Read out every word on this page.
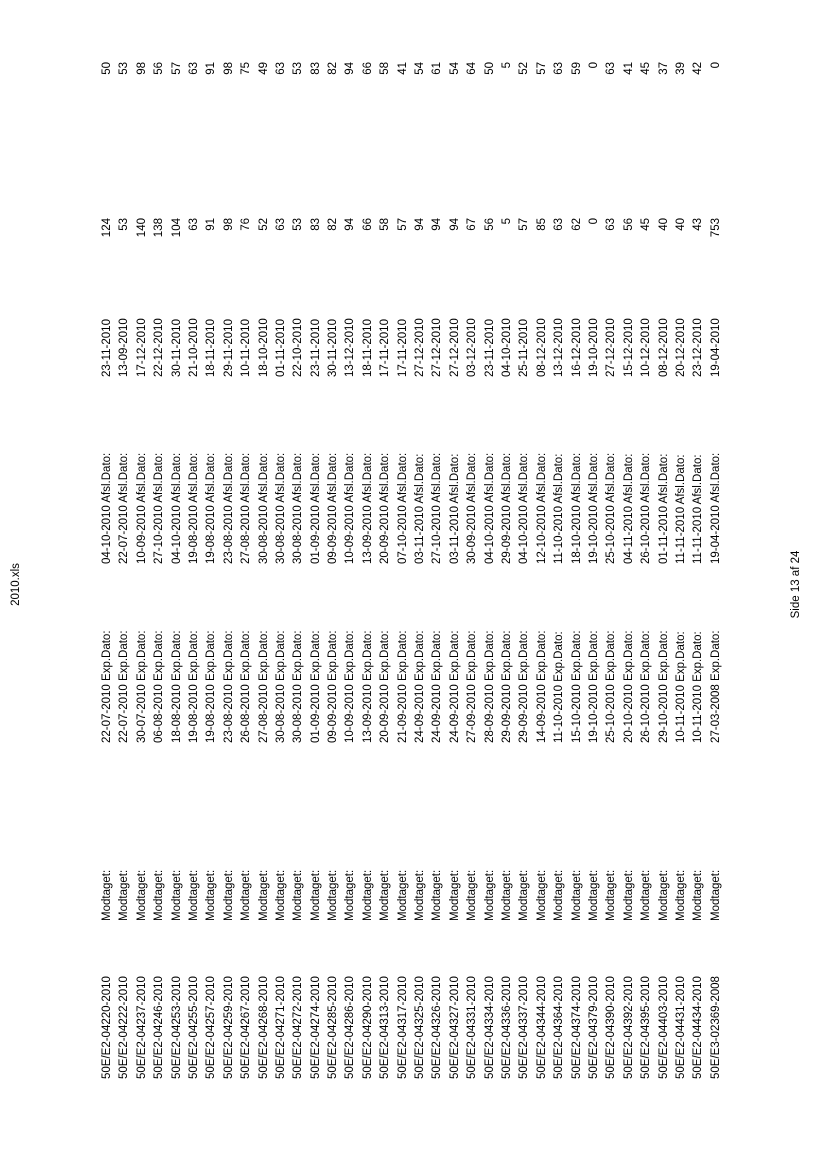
2010.xls
50E/E2-04220-2010
Modtaget:
22-07-2010 Exp.Dato:
04-10-2010 Afsl.Dato:
23-11-2010
124
50
50E/E2-04222-2010
Modtaget:
22-07-2010 Exp.Dato:
22-07-2010 Afsl.Dato:
13-09-2010
53
53
50E/E2-04237-2010
Modtaget:
30-07-2010 Exp.Dato:
10-09-2010 Afsl.Dato:
17-12-2010
140
98
50E/E2-04246-2010
Modtaget:
06-08-2010 Exp.Dato:
27-10-2010 Afsl.Dato:
22-12-2010
138
56
50E/E2-04253-2010
Modtaget:
18-08-2010 Exp.Dato:
04-10-2010 Afsl.Dato:
30-11-2010
104
57
50E/E2-04255-2010
Modtaget:
19-08-2010 Exp.Dato:
19-08-2010 Afsl.Dato:
21-10-2010
63
63
50E/E2-04257-2010
Modtaget:
19-08-2010 Exp.Dato:
19-08-2010 Afsl.Dato:
18-11-2010
91
91
50E/E2-04259-2010
Modtaget:
23-08-2010 Exp.Dato:
23-08-2010 Afsl.Dato:
29-11-2010
98
98
50E/E2-04267-2010
Modtaget:
26-08-2010 Exp.Dato:
27-08-2010 Afsl.Dato:
10-11-2010
76
75
50E/E2-04268-2010
Modtaget:
27-08-2010 Exp.Dato:
30-08-2010 Afsl.Dato:
18-10-2010
52
49
50E/E2-04271-2010
Modtaget:
30-08-2010 Exp.Dato:
30-08-2010 Afsl.Dato:
01-11-2010
63
63
50E/E2-04272-2010
Modtaget:
30-08-2010 Exp.Dato:
30-08-2010 Afsl.Dato:
22-10-2010
53
53
50E/E2-04274-2010
Modtaget:
01-09-2010 Exp.Dato:
01-09-2010 Afsl.Dato:
23-11-2010
83
83
50E/E2-04285-2010
Modtaget:
09-09-2010 Exp.Dato:
09-09-2010 Afsl.Dato:
30-11-2010
82
82
50E/E2-04286-2010
Modtaget:
10-09-2010 Exp.Dato:
10-09-2010 Afsl.Dato:
13-12-2010
94
94
50E/E2-04290-2010
Modtaget:
13-09-2010 Exp.Dato:
13-09-2010 Afsl.Dato:
18-11-2010
66
66
50E/E2-04313-2010
Modtaget:
20-09-2010 Exp.Dato:
20-09-2010 Afsl.Dato:
17-11-2010
58
58
50E/E2-04317-2010
Modtaget:
21-09-2010 Exp.Dato:
07-10-2010 Afsl.Dato:
17-11-2010
57
41
50E/E2-04325-2010
Modtaget:
24-09-2010 Exp.Dato:
03-11-2010 Afsl.Dato:
27-12-2010
94
54
50E/E2-04326-2010
Modtaget:
24-09-2010 Exp.Dato:
27-10-2010 Afsl.Dato:
27-12-2010
94
61
50E/E2-04327-2010
Modtaget:
24-09-2010 Exp.Dato:
03-11-2010 Afsl.Dato:
27-12-2010
94
54
50E/E2-04331-2010
Modtaget:
27-09-2010 Exp.Dato:
30-09-2010 Afsl.Dato:
03-12-2010
67
64
50E/E2-04334-2010
Modtaget:
28-09-2010 Exp.Dato:
04-10-2010 Afsl.Dato:
23-11-2010
56
50
50E/E2-04336-2010
Modtaget:
29-09-2010 Exp.Dato:
29-09-2010 Afsl.Dato:
04-10-2010
5
5
50E/E2-04337-2010
Modtaget:
29-09-2010 Exp.Dato:
04-10-2010 Afsl.Dato:
25-11-2010
57
52
50E/E2-04344-2010
Modtaget:
14-09-2010 Exp.Dato:
12-10-2010 Afsl.Dato:
08-12-2010
85
57
50E/E2-04364-2010
Modtaget:
11-10-2010 Exp.Dato:
11-10-2010 Afsl.Dato:
13-12-2010
63
63
50E/E2-04374-2010
Modtaget:
15-10-2010 Exp.Dato:
18-10-2010 Afsl.Dato:
16-12-2010
62
59
50E/E2-04379-2010
Modtaget:
19-10-2010 Exp.Dato:
19-10-2010 Afsl.Dato:
19-10-2010
0
0
50E/E2-04390-2010
Modtaget:
25-10-2010 Exp.Dato:
25-10-2010 Afsl.Dato:
27-12-2010
63
63
50E/E2-04392-2010
Modtaget:
20-10-2010 Exp.Dato:
04-11-2010 Afsl.Dato:
15-12-2010
56
41
50E/E2-04395-2010
Modtaget:
26-10-2010 Exp.Dato:
26-10-2010 Afsl.Dato:
10-12-2010
45
45
50E/E2-04403-2010
Modtaget:
29-10-2010 Exp.Dato:
01-11-2010 Afsl.Dato:
08-12-2010
40
37
50E/E2-04431-2010
Modtaget:
10-11-2010 Exp.Dato:
11-11-2010 Afsl.Dato:
20-12-2010
40
39
50E/E2-04434-2010
Modtaget:
10-11-2010 Exp.Dato:
11-11-2010 Afsl.Dato:
23-12-2010
43
42
50E/E3-02369-2008
Modtaget:
27-03-2008 Exp.Dato:
19-04-2010 Afsl.Dato:
19-04-2010
753
0
Side 13 af 24
